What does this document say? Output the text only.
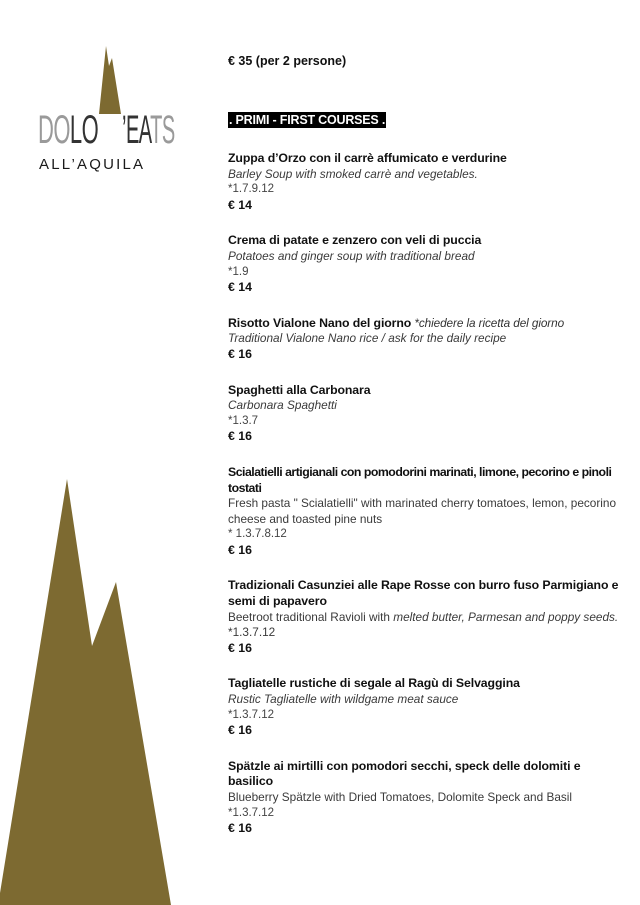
DOLO ’EATS
ALL’AQUILA
€ 35 (per 2 persone)
. PRIMI - FIRST COURSES .
Zuppa d’Orzo con il carrè affumicato e verdurine
Barley Soup with smoked carrè and vegetables.
*1.7.9.12
€ 14
Crema di patate e zenzero con veli di puccia
Potatoes and ginger soup with traditional bread
*1.9
€ 14
Risotto Vialone Nano del giorno *chiedere la ricetta del giorno
Traditional Vialone Nano rice / ask for the daily recipe
€ 16
Spaghetti alla Carbonara
Carbonara Spaghetti
*1.3.7
€ 16
Scialatielli artigianali con pomodorini marinati, limone, pecorino e pinoli tostati
Fresh pasta " Scialatielli" with marinated cherry tomatoes, lemon, pecorino cheese and toasted pine nuts
* 1.3.7.8.12
€ 16
Tradizionali Casunziei alle Rape Rosse con burro fuso Parmigiano e semi di papavero
Beetroot traditional Ravioli with melted butter, Parmesan and poppy seeds. *1.3.7.12
€ 16
Tagliatelle rustiche di segale al Ragù di Selvaggina
Rustic Tagliatelle with wildgame meat sauce
*1.3.7.12
€ 16
Spätzle ai mirtilli con pomodori secchi, speck delle dolomiti e basilico
Blueberry Spätzle with Dried Tomatoes, Dolomite Speck and Basil
*1.3.7.12
€ 16
